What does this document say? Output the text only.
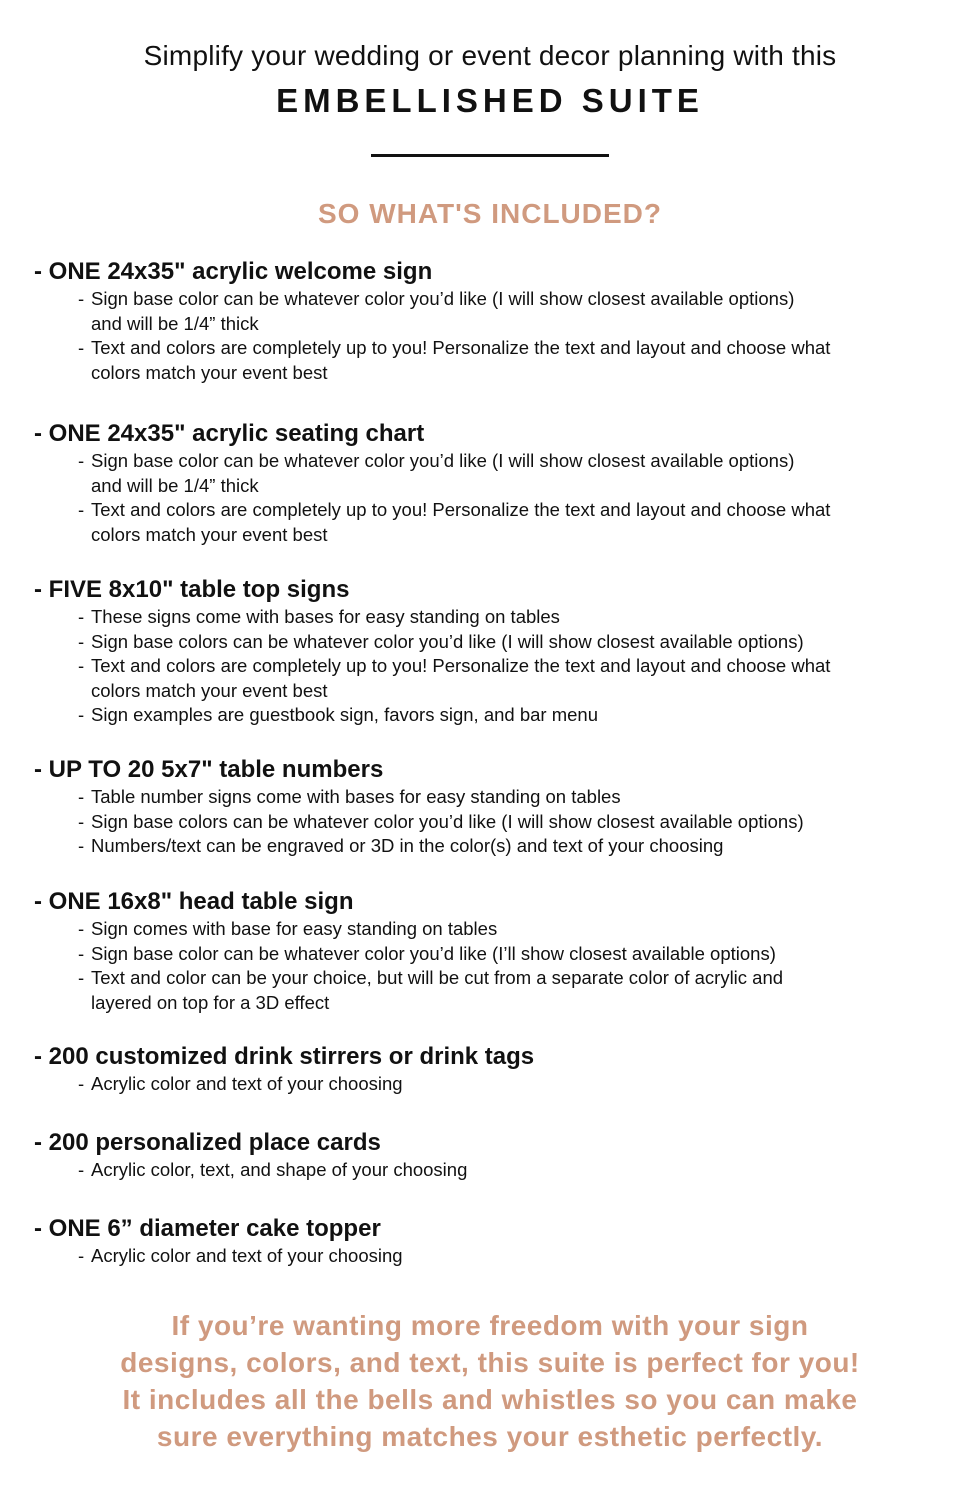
Simplify your wedding or event decor planning with this
EMBELLISHED SUITE
SO WHAT'S INCLUDED?
- ONE 24x35" acrylic welcome sign
- Sign base color can be whatever color you’d like (I will show closest available options)
and will be 1/4” thick
- Text and colors are completely up to you! Personalize the text and layout and choose what
colors match your event best
- ONE 24x35" acrylic seating chart
- Sign base color can be whatever color you’d like (I will show closest available options)
and will be 1/4” thick
- Text and colors are completely up to you! Personalize the text and layout and choose what
colors match your event best
- FIVE 8x10" table top signs
- These signs come with bases for easy standing on tables
- Sign base colors can be whatever color you’d like (I will show closest available options)
- Text and colors are completely up to you! Personalize the text and layout and choose what
colors match your event best
- Sign examples are guestbook sign, favors sign, and bar menu
- UP TO 20 5x7" table numbers
- Table number signs come with bases for easy standing on tables
- Sign base colors can be whatever color you’d like (I will show closest available options)
- Numbers/text can be engraved or 3D in the color(s) and text of your choosing
- ONE 16x8" head table sign
- Sign comes with base for easy standing on tables
- Sign base color can be whatever color you’d like (I’ll show closest available options)
- Text and color can be your choice, but will be cut from a separate color of acrylic and
layered on top for a 3D effect
- 200 customized drink stirrers or drink tags
- Acrylic color and text of your choosing
- 200 personalized place cards
- Acrylic color, text, and shape of your choosing
- ONE 6” diameter cake topper
- Acrylic color and text of your choosing
If you’re wanting more freedom with your sign
designs, colors, and text, this suite is perfect for you!
It includes all the bells and whistles so you can make
sure everything matches your esthetic perfectly.
